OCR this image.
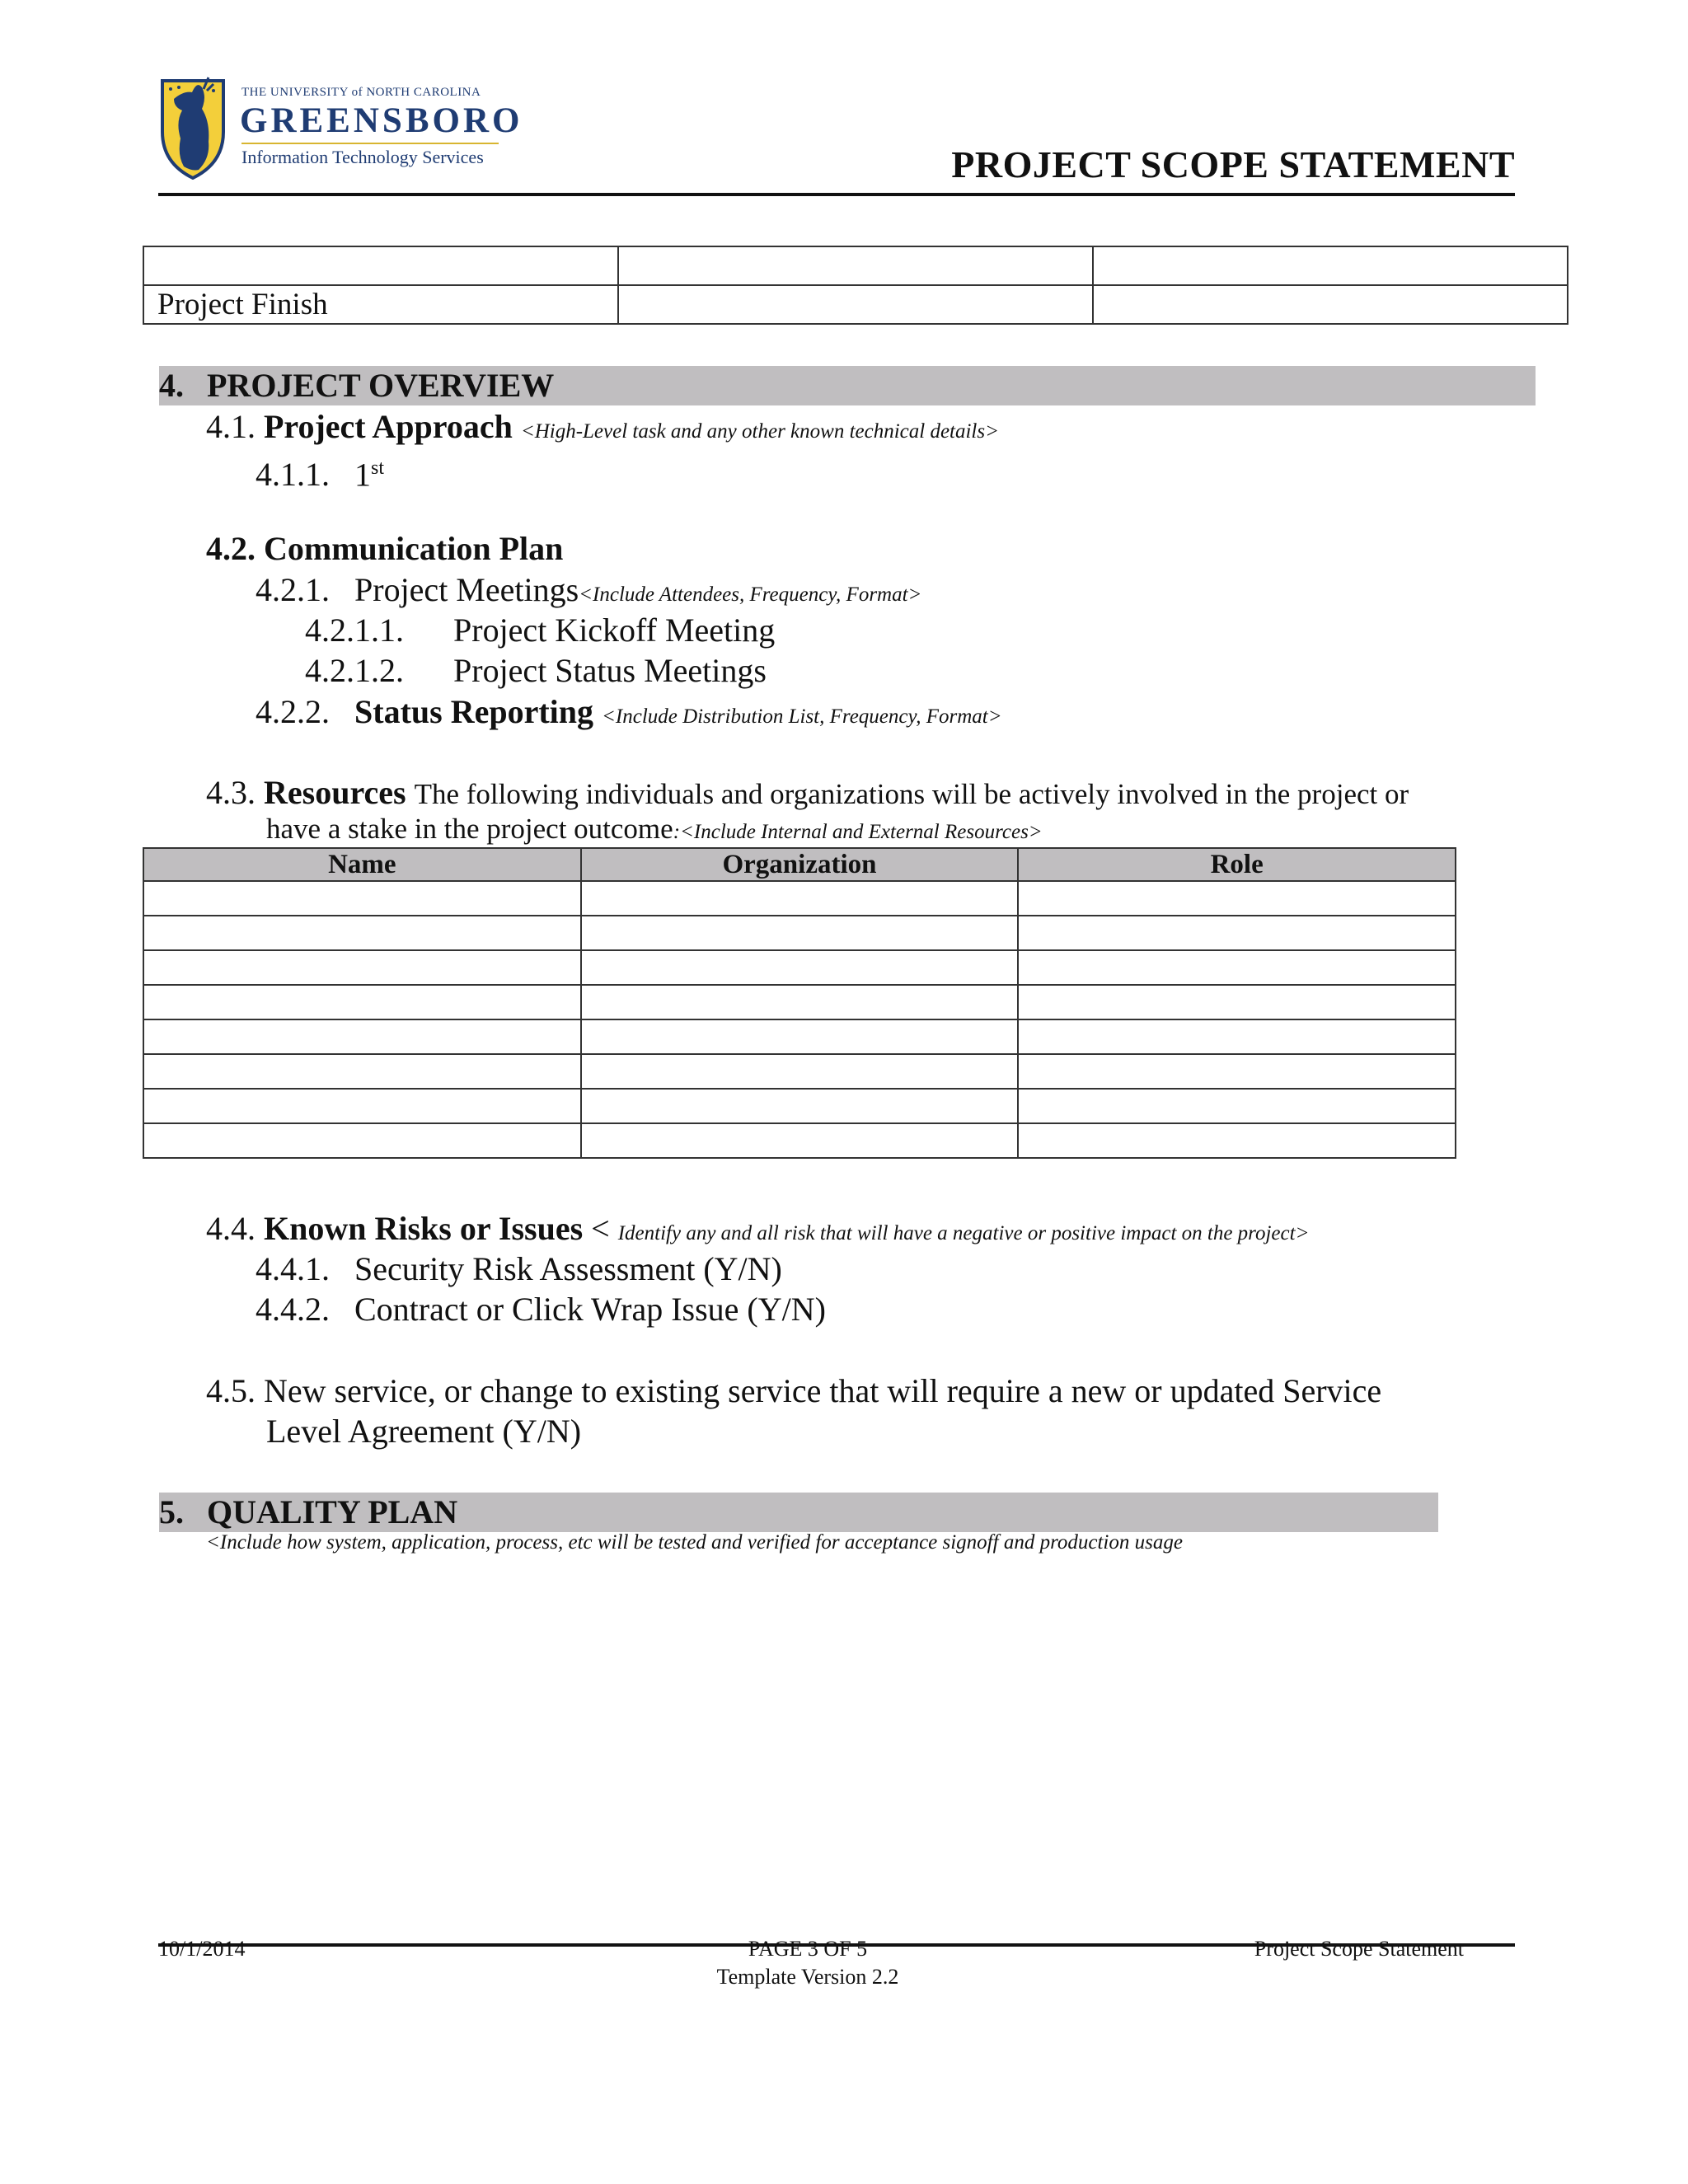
THE UNIVERSITY of NORTH CAROLINA
GREENSBORO
Information Technology Services	PROJECT SCOPE STATEMENT

Project Finish		
4. PROJECT OVERVIEW
4.1. Project Approach <High-Level task and any other known technical details>
4.1.1. 1st
4.2. Communication Plan
4.2.1. Project Meetings<Include Attendees, Frequency, Format>
4.2.1.1. Project Kickoff Meeting
4.2.1.2. Project Status Meetings
4.2.2. Status Reporting <Include Distribution List, Frequency, Format>
4.3. Resources The following individuals and organizations will be actively involved in the project or
have a stake in the project outcome:<Include Internal and External Resources>
Name	Organization	Role

4.4. Known Risks or Issues < Identify any and all risk that will have a negative or positive impact on the project>
4.4.1. Security Risk Assessment (Y/N)
4.4.2. Contract or Click Wrap Issue (Y/N)
4.5. New service, or change to existing service that will require a new or updated Service
Level Agreement (Y/N)
5. QUALITY PLAN
<Include how system, application, process, etc will be tested and verified for acceptance signoff and production usage
10/1/2014	PAGE 3 OF 5
Template Version 2.2
Project Scope Statement
